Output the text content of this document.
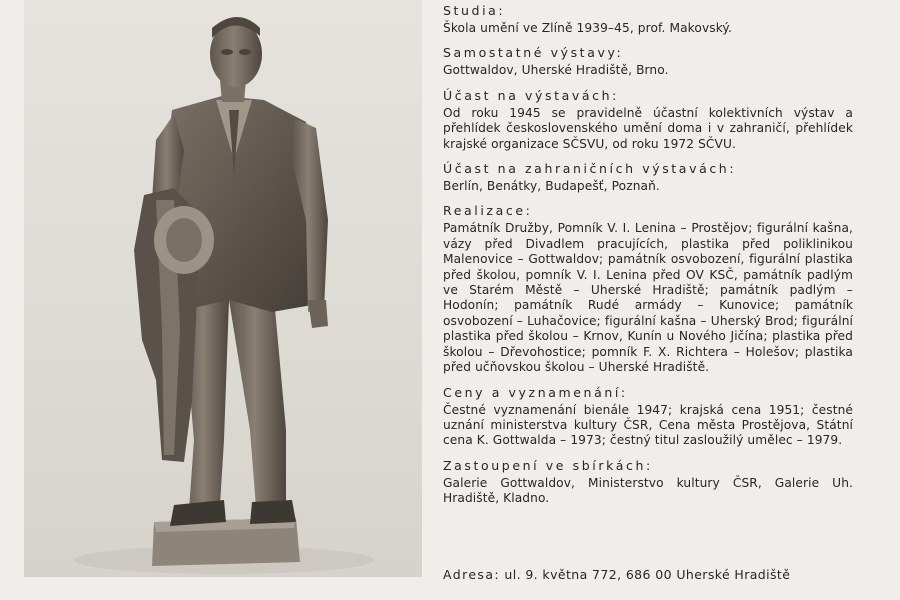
Studia:
Škola umění ve Zlíně 1939–45, prof. Makovský.
Samostatné výstavy:
Gottwaldov, Uherské Hradiště, Brno.
Účast na výstavách:
Od roku 1945 se pravidelně účastní kolektivních výstav a přehlídek československého umění doma i v zahraničí, přehlídek krajské organizace SČSVU, od roku 1972 SČVU.
Účast na zahraničních výstavách:
Berlín, Benátky, Budapešť, Poznaň.
Realizace:
Památník Družby, Pomník V. I. Lenina – Prostějov; figurální kašna, vázy před Divadlem pracujících, plastika před poliklinikou Malenovice – Gottwaldov; památník osvobození, figurální plastika před školou, pomník V. I. Lenina před OV KSČ, památník padlým ve Starém Městě – Uherské Hradiště; památník padlým – Hodonín; památník Rudé armády – Kunovice; památník osvobození – Luhačovice; figurální kašna – Uherský Brod; figurální plastika před školou – Krnov, Kunín u Nového Jičína; plastika před školou – Dřevohostice; pomník F. X. Richtera – Holešov; plastika před učňovskou školou – Uherské Hradiště.
Ceny a vyznamenání:
Čestné vyznamenání bienále 1947; krajská cena 1951; čestné uznání ministerstva kultury ČSR, Cena města Prostějova, Státní cena K. Gottwalda – 1973; čestný titul zasloužilý umělec – 1979.
Zastoupení ve sbírkách:
Galerie Gottwaldov, Ministerstvo kultury ČSR, Galerie Uh. Hradiště, Kladno.
Adresa: ul. 9. května 772, 686 00 Uherské Hradiště
